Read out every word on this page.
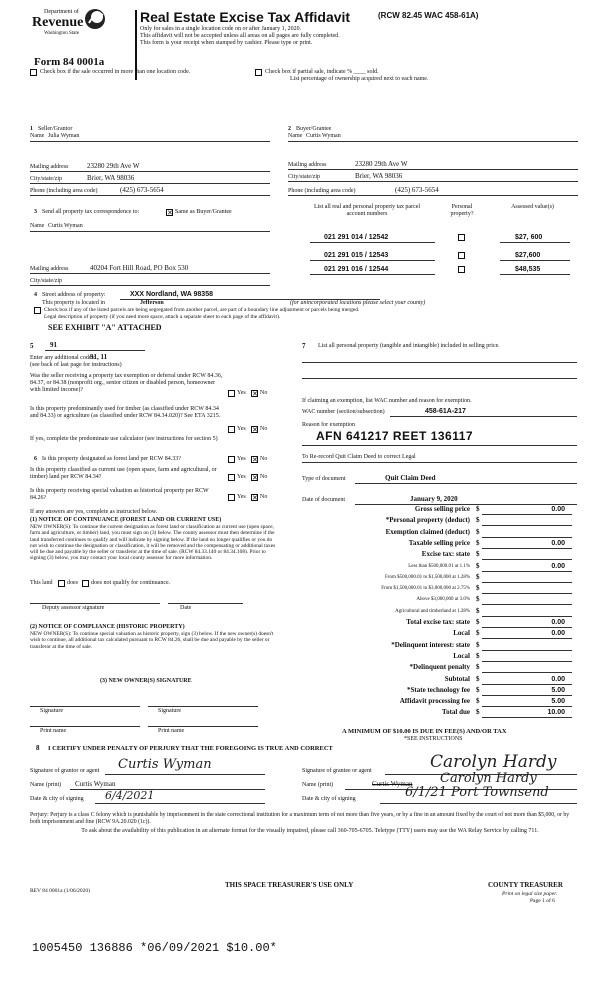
Department of
Revenue
Washington State
Real Estate Excise Tax Affidavit	(RCW 82.45 WAC 458-61A)
Only for sales in a single location code on or after January 1, 2020.
This affidavit will not be accepted unless all areas on all pages are fully completed.
This form is your receipt when stamped by cashier. Please type or print.
Form 84 0001a
Check box if the sale occurred in more than one location code.	Check box if partial sale, indicate % ____ sold.
List percentage of ownership acquired next to each name.
1 Seller/Grantor
Name Julia Wyman
Mailing address	23280 29th Ave W
City/state/zip	Brier, WA 98036
Phone (including area code)	(425) 673-5654
2 Buyer/Grantee
Name Curtis Wyman
Mailing address	23280 29th Ave W
City/state/zip	Brier, WA 98036
Phone (including area code)	(425) 673-5654
3 Send all property tax correspondence to:	✕ Same as Buyer/Grantee
Name Curtis Wyman
Mailing address	40204 Fort Hill Road, PO Box 530
City/state/zip
List all real and personal property tax parcel account numbers
Personal property?
Assessed value(s)
021 291 014 / 12542	$27, 600
021 291 015 / 12543	$27,600
021 291 016 / 12544	$48,535
4 Street address of property:	XXX Nordland, WA 98358
This property is located in	Jefferson	(for unincorporated locations please select your county)
Check box if any of the listed parcels are being segregated from another parcel, are part of a boundary line adjustment or parcels being merged.
Legal description of property (if you need more space, attach a separate sheet to each page of the affidavit).
SEE EXHIBIT "A" ATTACHED
5 91
Enter any additional codes:
91, 11
(see back of last page for instructions)
Was the seller receiving a property tax exemption or deferral under RCW 84.36, 84.37, or 84.38 (nonprofit org., senior citizen or disabled person, homeowner with limited income)?	Yes ✕ No
Is this property predominantly used for timber (as classified under RCW 84.34 and 84.33) or agriculture (as classified under RCW 84.34.020)? See ETA 3215.
Yes ✕ No
If yes, complete the predominate use calculator (see instructions for section 5)
6 Is this property designated as forest land per RCW 84.33?	Yes ✕ No
Is this property classified as current use (open space, farm and agricultural, or timber) land per RCW 84.34?	Yes ✕ No
Is this property receiving special valuation as historical property per RCW 84.26?	Yes ✕ No
If any answers are yes, complete as instructed below.
(1) NOTICE OF CONTINUANCE (FOREST LAND OR CURRENT USE)
NEW OWNER(S): To continue the current designation as forest land or classification as current use (open space, farm and agriculture, or timber) land, you must sign on (3) below. The county assessor must then determine if the land transferred continues to qualify and will indicate by signing below. If the land no longer qualifies or you do not wish to continue the designation or classification, it will be removed and the compensating or additional taxes will be due and payable by the seller or transferor at the time of sale. (RCW 84.33.140 or 84.34.108). Prior to signing (3) below, you may contact your local county assessor for more information.
This land does does not qualify for continuance.
Deputy assessor signature	Date
(2) NOTICE OF COMPLIANCE (HISTORIC PROPERTY)
NEW OWNER(S): To continue special valuation as historic property, sign (3) below. If the new owner(s) doesn't wish to continue, all additional tax calculated pursuant to RCW 84.26, shall be due and payable by the seller or transferor at the time of sale.
(3) NEW OWNER(S) SIGNATURE
Signature	Signature
Print name	Print name
7 List all personal property (tangible and intangible) included in selling price.
If claiming an exemption, list WAC number and reason for exemption.
WAC number (section/subsection)	458-61A-217
Reason for exemption
AFN 641217 REET 136117
To Re-record Quit Claim Deed to correct Legal
Type of document	Quit Claim Deed
Date of document	January 9, 2020
Gross selling price $	0.00
*Personal property (deduct) $
Exemption claimed (deduct) $
Taxable selling price $	0.00
Excise tax: state $
Less than $500,000.01 at 1.1% $	0.00
From $500,000.01 to $1,500,000 at 1.28% $
From $1,500,000.01 to $3,000,000 at 2.75% $
Above $3,000,000 at 3.0% $
Agricultural and timberland at 1.28% $
Total excise tax: state $	0.00
Local $	0.00
*Delinquent interest: state $
Local $
*Delinquent penalty $
Subtotal $	0.00
*State technology fee $	5.00
Affidavit processing fee $	5.00
Total due $	10.00
A MINIMUM OF $10.00 IS DUE IN FEE(S) AND/OR TAX
*SEE INSTRUCTIONS
8 I CERTIFY UNDER PENALTY OF PERJURY THAT THE FOREGOING IS TRUE AND CORRECT
Signature of grantor or agent Curtis Wyman
Name (print) Curtis Wyman
Date & city of signing 6/4/2021
Signature of grantee or agent	Carolyn Hardy
Name (print)	Curtis Wyman Carolyn Hardy
Date & city of signing	6/1/21 Port Townsend
Perjury: Perjury is a class C felony which is punishable by imprisonment in the state correctional institution for a maximum term of not more than five years, or by a fine in an amount fixed by the court of not more than $5,000, or by both imprisonment and fine (RCW 9A.20.020 (1c)).
To ask about the availability of this publication in an alternate format for the visually impaired, please call 360-705-6705. Teletype (TTY) users may use the WA Relay Service by calling 711.
REV 84 0001a (1/06/2020)
THIS SPACE TREASURER'S USE ONLY	COUNTY TREASURER
Print on legal size paper.
Page 1 of 6
1005450 136886 *06/09/2021 $10.00*
